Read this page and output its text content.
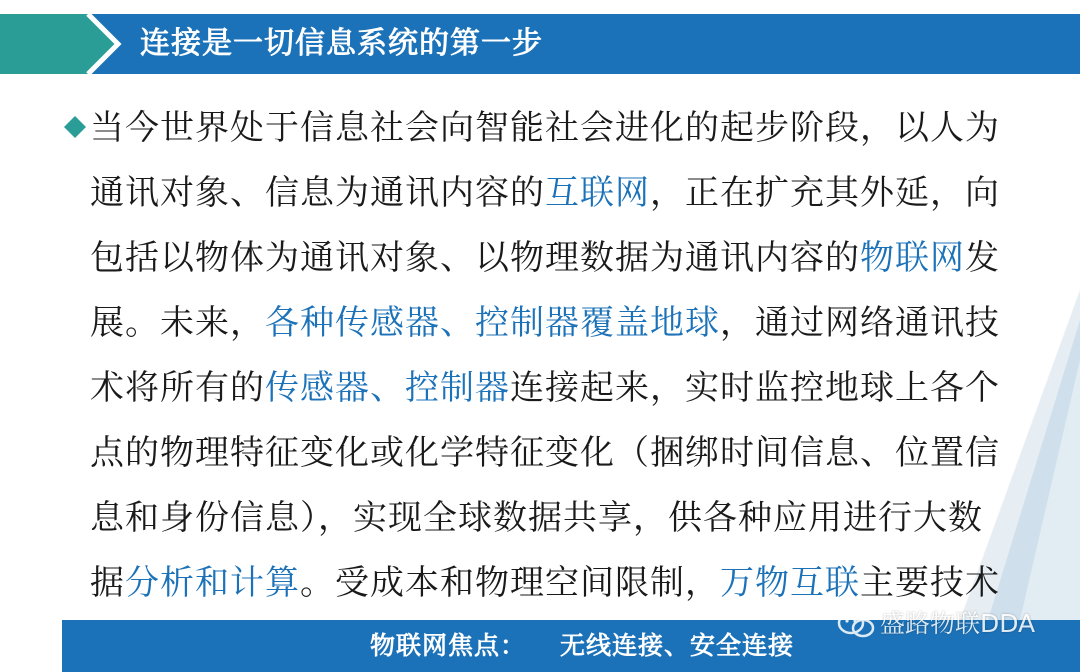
连接是一切信息系统的第一步
当今世界处于信息社会向智能社会进化的起步阶段，以人为
通讯对象、信息为通讯内容的互联网，正在扩充其外延，向
包括以物体为通讯对象、以物理数据为通讯内容的物联网发
展。未来，各种传感器、控制器覆盖地球，通过网络通讯技
术将所有的传感器、控制器连接起来，实时监控地球上各个
点的物理特征变化或化学特征变化（捆绑时间信息、位置信
息和身份信息），实现全球数据共享，供各种应用进行大数
据分析和计算。受成本和物理空间限制，万物互联主要技术
物联网焦点： 无线连接、安全连接
盛路物联DDA
